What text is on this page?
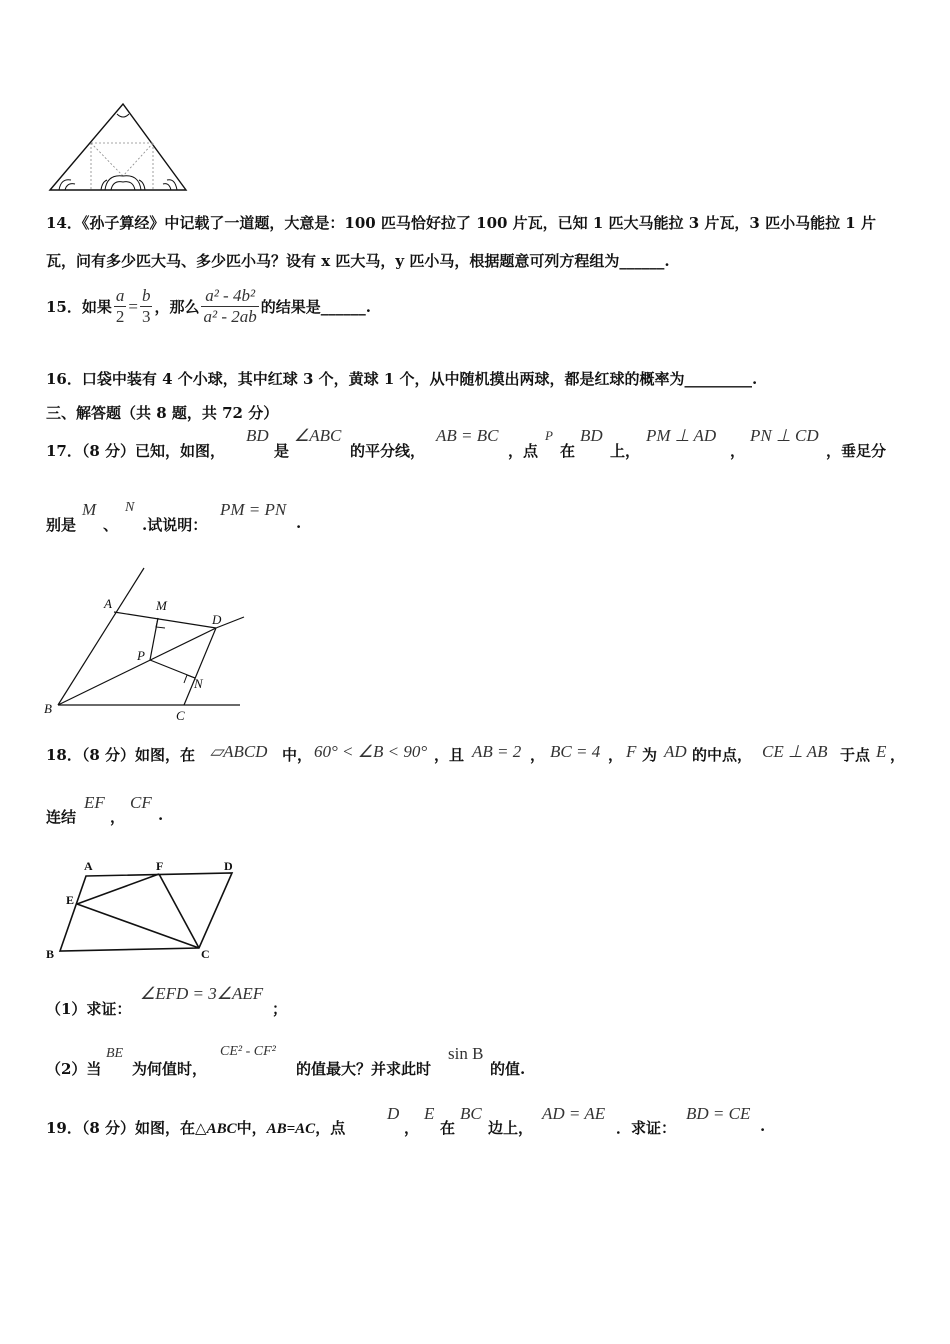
14．《孙子算经》中记载了一道题，大意是：100 匹马恰好拉了 100 片瓦，已知 1 匹大马能拉 3 片瓦，3 匹小马能拉 1 片
瓦，问有多少匹大马、多少匹小马？设有 x 匹大马，y 匹小马，根据题意可列方程组为______.
15．如果 $\frac{a}{2} = \frac{b}{3}$ ，那么 $\frac{\text{a² - 4b²}}{\text{a² - 2ab}}$ 的结果是______.
16．口袋中装有 4 个小球，其中红球 3 个，黄球 1 个，从中随机摸出两球，都是红球的概率为_________.
三、解答题（共 8 题，共 72 分）
17．（8 分）已知，如图，
BD
是
∠ABC
的平分线，
AB = BC
，点
P
在
BD
上，
PM ⊥ AD
，
PN ⊥ CD
，垂足分
别是
M
、
N
.试说明：
PM = PN
.
A	M
D
P
N
B	C
18．（8 分）如图，在 ▱ABCD 中， 60° < ∠B < 90° ，且 AB = 2 ， BC = 4 ， F 为 AD 的中点， CE ⊥ AB 于点 E ，
连结
EF
，
CF
.
A	F	D
E
B	C
（1）求证：
∠EFD = 3∠AEF
；
（2）当
BE
为何值时，
CE² - CF²
的值最大？并求此时
sin B
的值.
19．（8 分）如图，在△ABC中，AB=AC，点
D
，
E
在
BC
边上，
AD = AE
．求证：
BD = CE
.
